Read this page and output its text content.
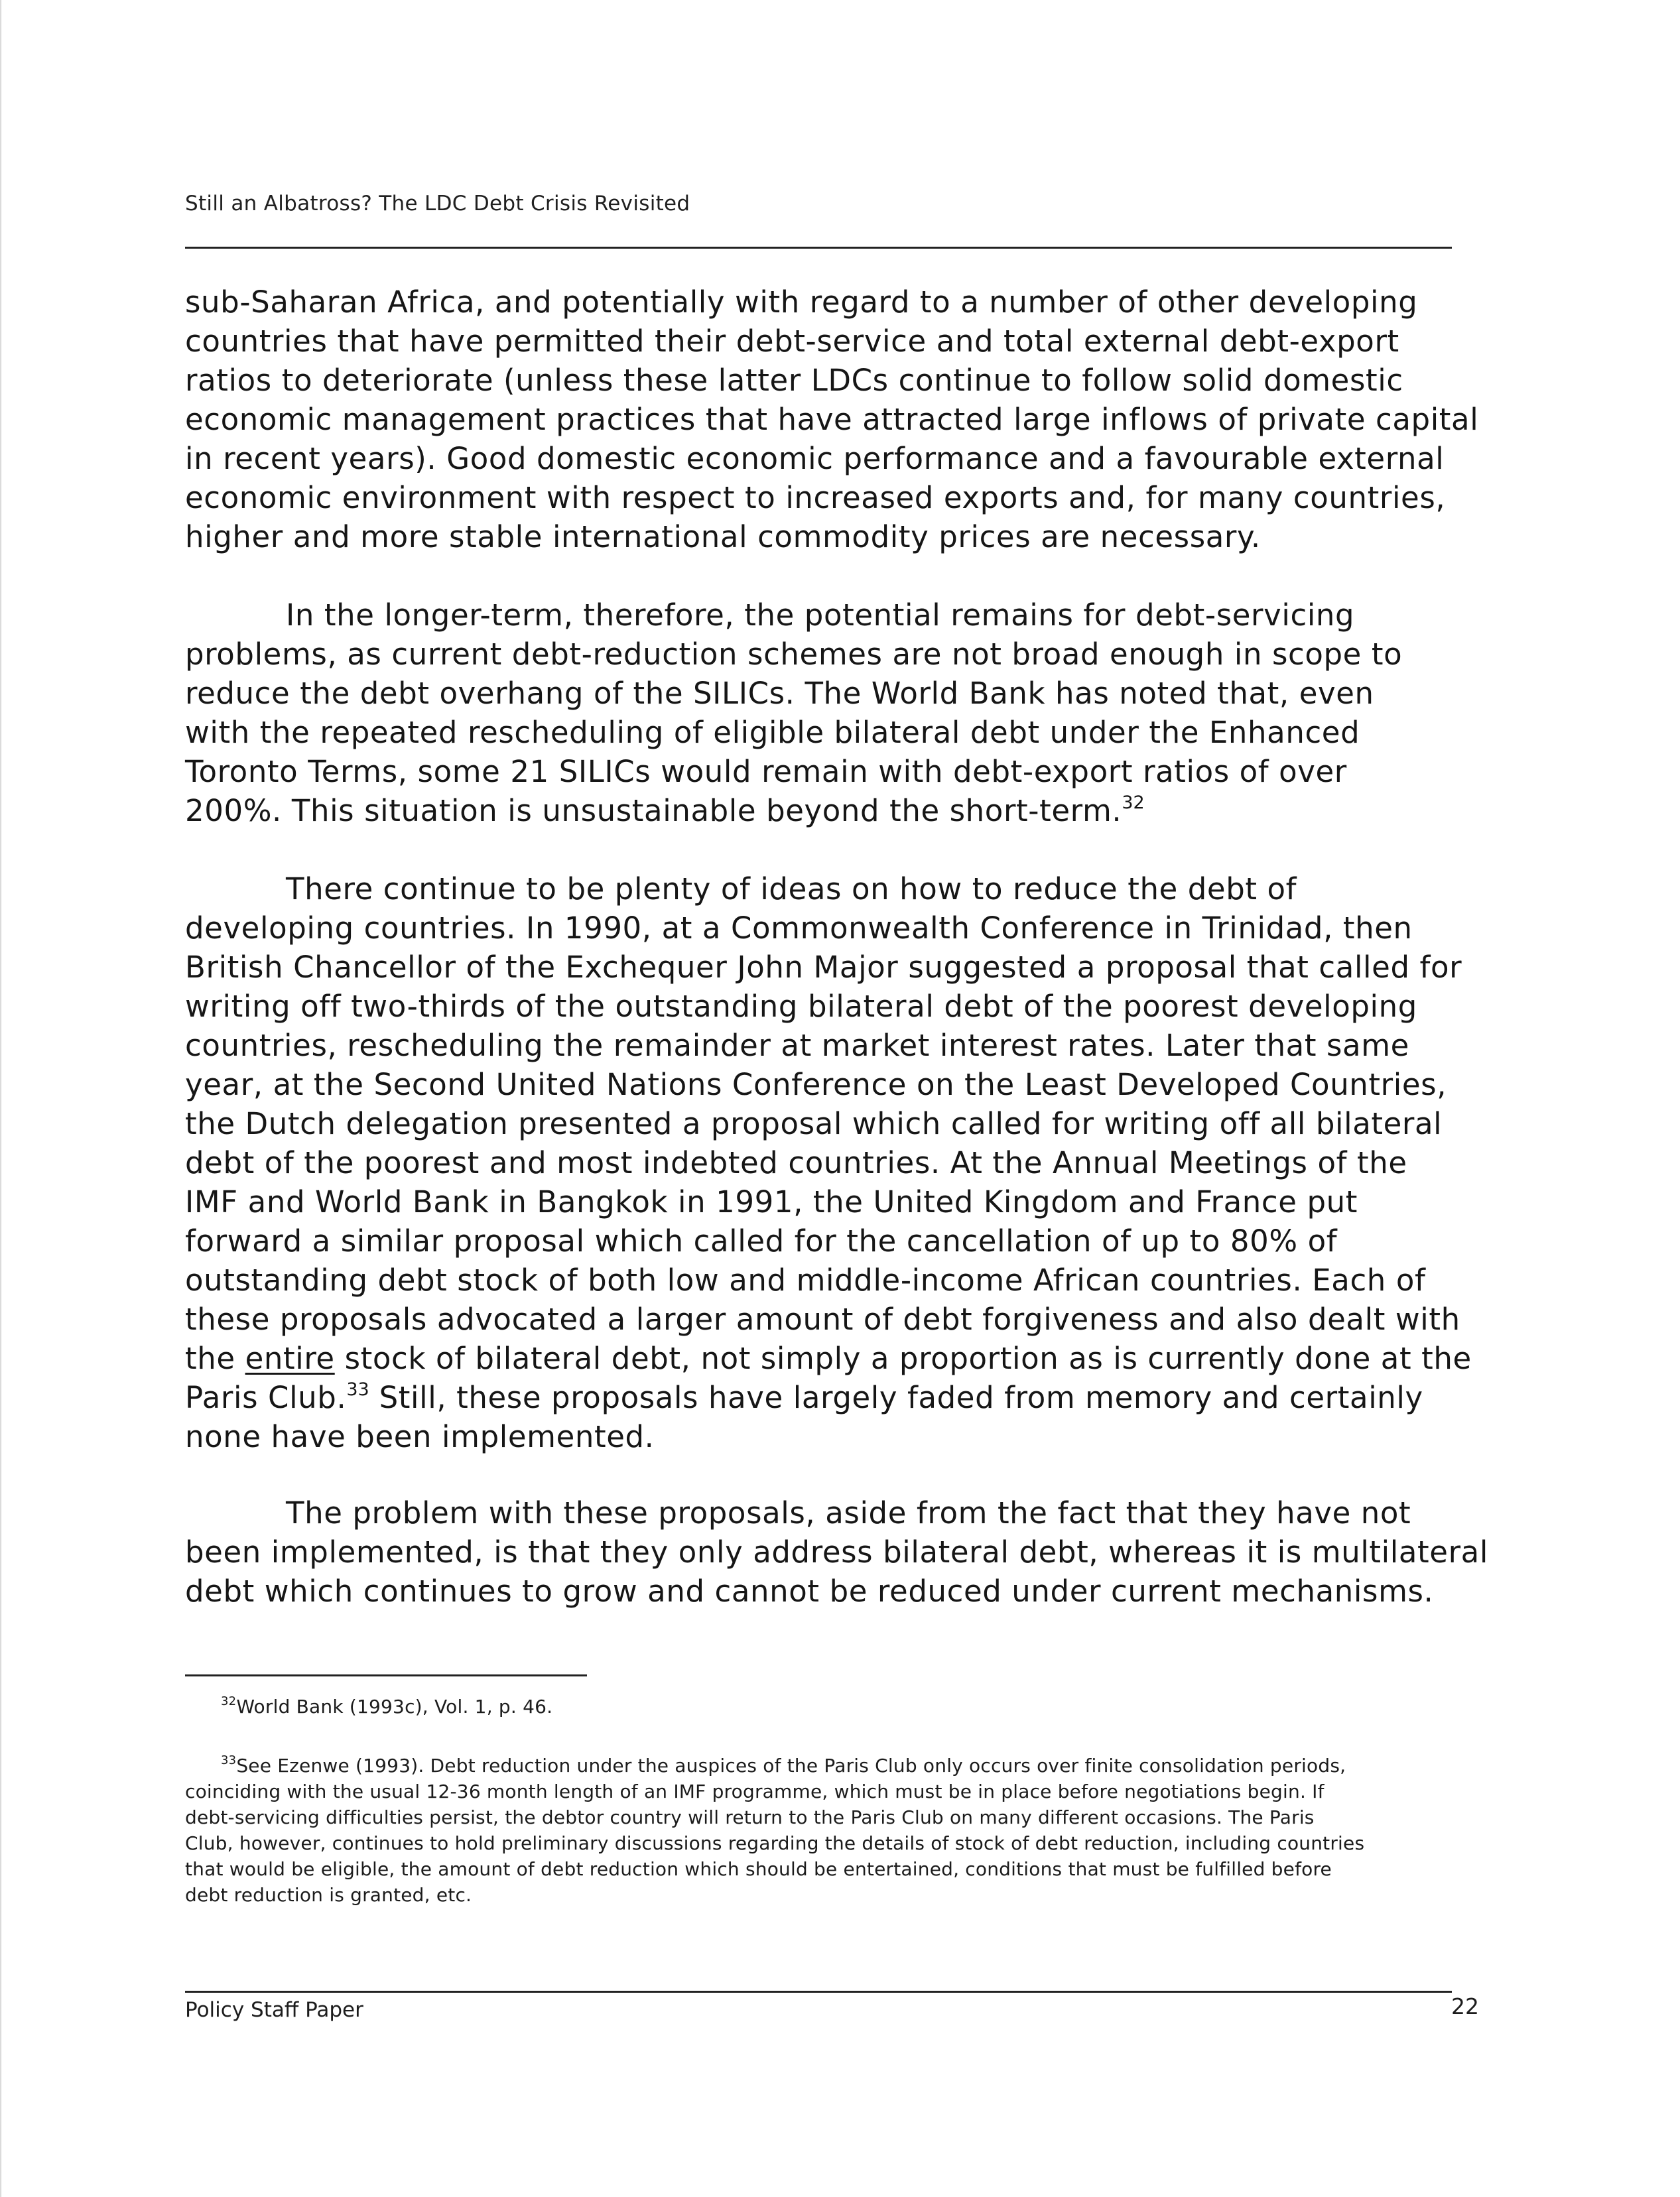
Still an Albatross? The LDC Debt Crisis Revisited
sub-Saharan Africa, and potentially with regard to a number of other developing
countries that have permitted their debt-service and total external debt-export
ratios to deteriorate (unless these latter LDCs continue to follow solid domestic
economic management practices that have attracted large inflows of private capital
in recent years). Good domestic economic performance and a favourable external
economic environment with respect to increased exports and, for many countries,
higher and more stable international commodity prices are necessary.
In the longer-term, therefore, the potential remains for debt-servicing
problems, as current debt-reduction schemes are not broad enough in scope to
reduce the debt overhang of the SILICs. The World Bank has noted that, even
with the repeated rescheduling of eligible bilateral debt under the Enhanced
Toronto Terms, some 21 SILICs would remain with debt-export ratios of over
200%. This situation is unsustainable beyond the short-term.$^{32}$
There continue to be plenty of ideas on how to reduce the debt of
developing countries. In 1990, at a Commonwealth Conference in Trinidad, then
British Chancellor of the Exchequer John Major suggested a proposal that called for
writing off two-thirds of the outstanding bilateral debt of the poorest developing
countries, rescheduling the remainder at market interest rates. Later that same
year, at the Second United Nations Conference on the Least Developed Countries,
the Dutch delegation presented a proposal which called for writing off all bilateral
debt of the poorest and most indebted countries. At the Annual Meetings of the
IMF and World Bank in Bangkok in 1991, the United Kingdom and France put
forward a similar proposal which called for the cancellation of up to 80% of
outstanding debt stock of both low and middle-income African countries. Each of
these proposals advocated a larger amount of debt forgiveness and also dealt with
the entire stock of bilateral debt, not simply a proportion as is currently done at the
Paris Club.$^{33}$ Still, these proposals have largely faded from memory and certainly
none have been implemented.
The problem with these proposals, aside from the fact that they have not
been implemented, is that they only address bilateral debt, whereas it is multilateral
debt which continues to grow and cannot be reduced under current mechanisms.
$^{32}$World Bank (1993c), Vol. 1, p. 46.
$^{33}$See Ezenwe (1993). Debt reduction under the auspices of the Paris Club only occurs over finite consolidation periods,
coinciding with the usual 12-36 month length of an IMF programme, which must be in place before negotiations begin. If
debt-servicing difficulties persist, the debtor country will return to the Paris Club on many different occasions. The Paris
Club, however, continues to hold preliminary discussions regarding the details of stock of debt reduction, including countries
that would be eligible, the amount of debt reduction which should be entertained, conditions that must be fulfilled before
debt reduction is granted, etc.
Policy Staff Paper	22
